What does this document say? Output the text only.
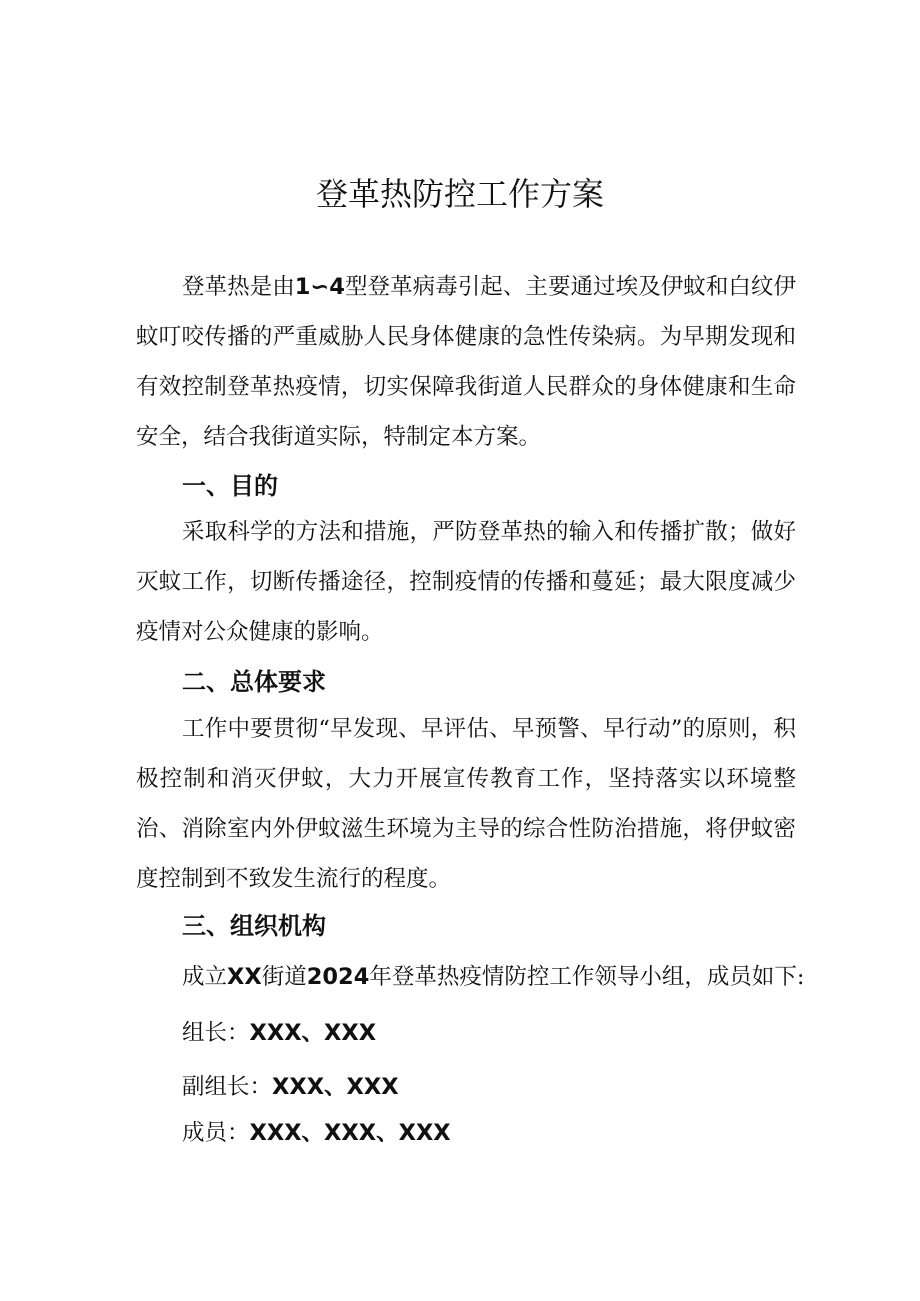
登革热防控工作方案

登革热是由1∽4型登革病毒引起、主要通过埃及伊蚊和白纹伊蚊叮咬传播的严重威胁人民身体健康的急性传染病。为早期发现和有效控制登革热疫情，切实保障我街道人民群众的身体健康和生命安全，结合我街道实际，特制定本方案。

一、目的

采取科学的方法和措施，严防登革热的输入和传播扩散；做好灭蚊工作，切断传播途径，控制疫情的传播和蔓延；最大限度减少疫情对公众健康的影响。

二、总体要求

工作中要贯彻“早发现、早评估、早预警、早行动”的原则，积极控制和消灭伊蚊，大力开展宣传教育工作，坚持落实以环境整治、消除室内外伊蚊滋生环境为主导的综合性防治措施，将伊蚊密度控制到不致发生流行的程度。

三、组织机构

成立XX街道2024年登革热疫情防控工作领导小组，成员如下:

组长：XXX、XXX

副组长：XXX、XXX

成员：XXX、XXX、XXX
